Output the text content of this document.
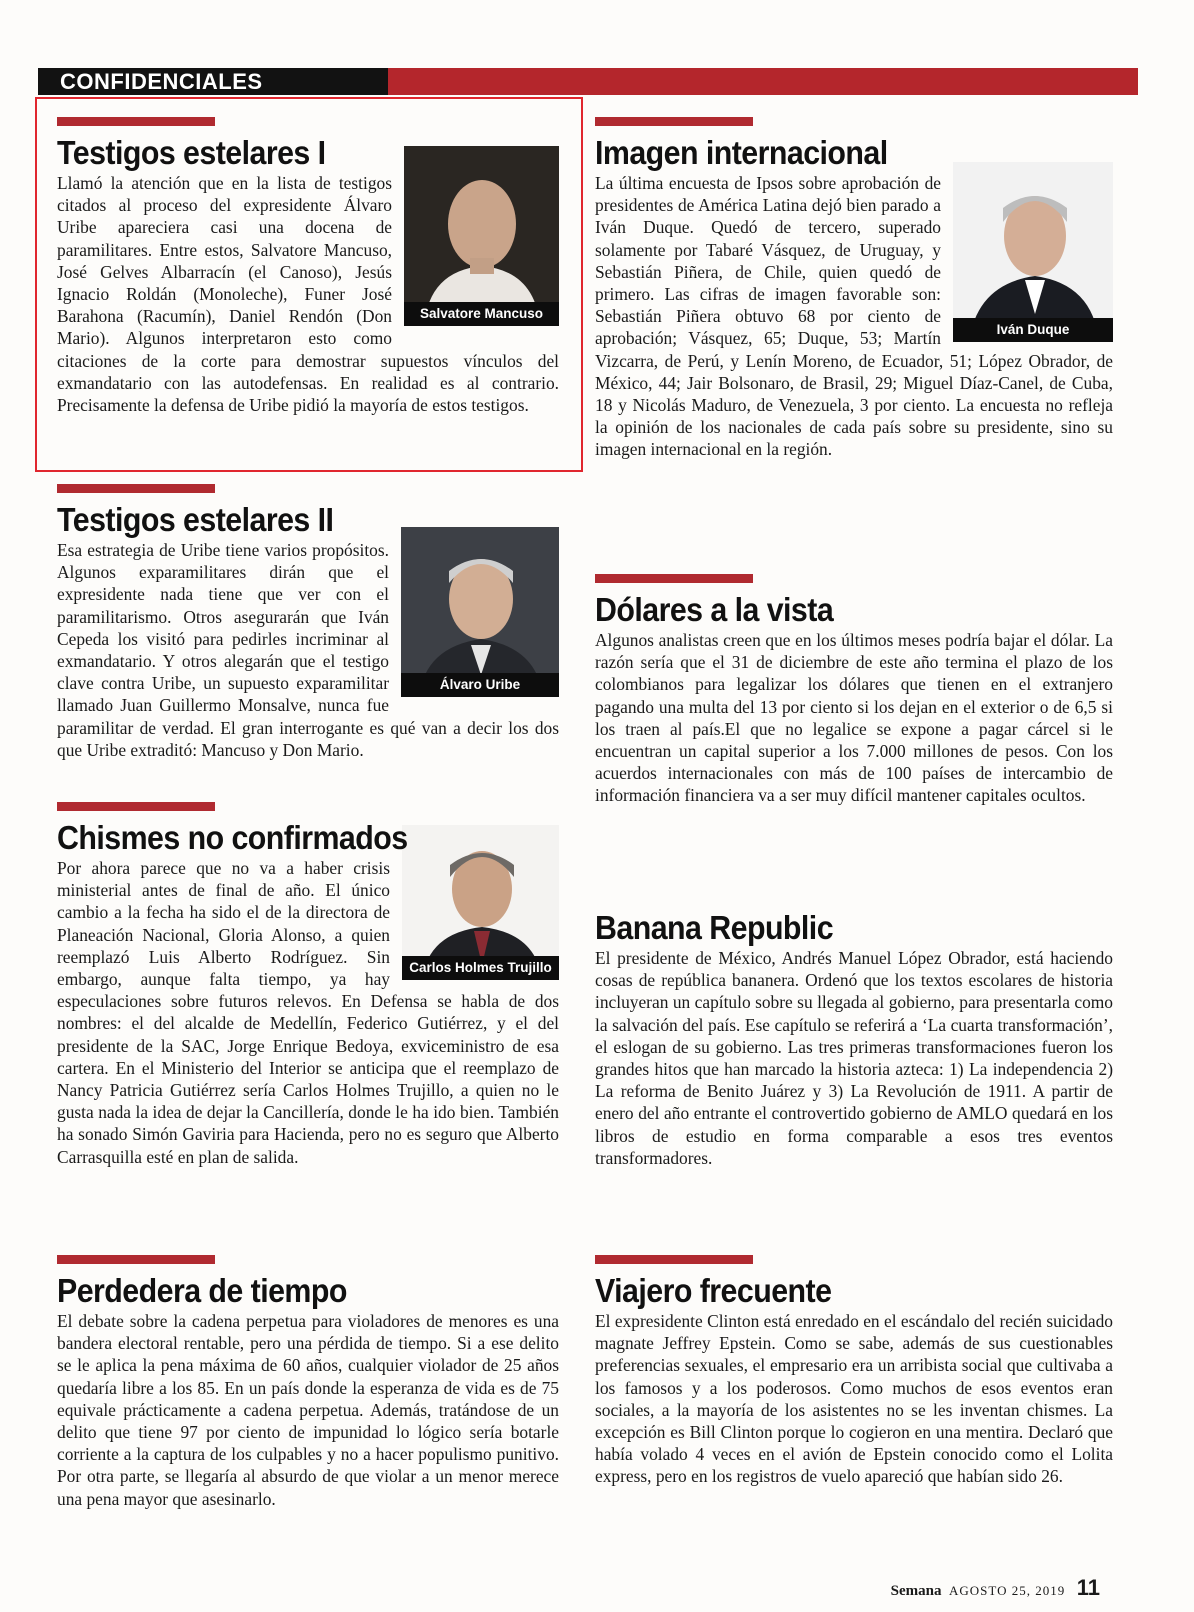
CONFIDENCIALES
Salvatore Mancuso
Testigos estelares I

Llamó la atención que en la lista de testigos citados al proceso del expresidente Álvaro Uribe apareciera casi una docena de paramilitares. Entre estos, Salvatore Mancuso, José Gelves Albarracín (el Canoso), Jesús Ignacio Roldán (Monoleche), Funer José Barahona (Racumín), Daniel Rendón (Don Mario). Algunos interpretaron esto como citaciones de la corte para demostrar supuestos vínculos del exmandatario con las autodefensas. En realidad es al contrario. Precisamente la defensa de Uribe pidió la mayoría de estos testigos.

Álvaro Uribe
Testigos estelares II

Esa estrategia de Uribe tiene varios propósitos. Algunos exparamilitares dirán que el expresidente nada tiene que ver con el paramilitarismo. Otros asegurarán que Iván Cepeda los visitó para pedirles incriminar al exmandatario. Y otros alegarán que el testigo clave contra Uribe, un supuesto exparamilitar llamado Juan Guillermo Monsalve, nunca fue paramilitar de verdad. El gran interrogante es qué van a decir los dos que Uribe extraditó: Mancuso y Don Mario.

Carlos Holmes Trujillo
Chismes no confirmados

Por ahora parece que no va a haber crisis ministerial antes de final de año. El único cambio a la fecha ha sido el de la directora de Planeación Nacional, Gloria Alonso, a quien reemplazó Luis Alberto Rodríguez. Sin embargo, aunque falta tiempo, ya hay especulaciones sobre futuros relevos. En Defensa se habla de dos nombres: el del alcalde de Medellín, Federico Gutiérrez, y el del presidente de la SAC, Jorge Enrique Bedoya, exviceministro de esa cartera. En el Ministerio del Interior se anticipa que el reemplazo de Nancy Patricia Gutiérrez sería Carlos Holmes Trujillo, a quien no le gusta nada la idea de dejar la Cancillería, donde le ha ido bien. También ha sonado Simón Gaviria para Hacienda, pero no es seguro que Alberto Carrasquilla esté en plan de salida.

Perdedera de tiempo

El debate sobre la cadena perpetua para violadores de menores es una bandera electoral rentable, pero una pérdida de tiempo. Si a ese delito se le aplica la pena máxima de 60 años, cualquier violador de 25 años quedaría libre a los 85. En un país donde la esperanza de vida es de 75 equivale prácticamente a cadena perpetua. Además, tratándose de un delito que tiene 97 por ciento de impunidad lo lógico sería botarle corriente a la captura de los culpables y no a hacer populismo punitivo. Por otra parte, se llegaría al absurdo de que violar a un menor merece una pena mayor que asesinarlo.

Iván Duque
Imagen internacional

La última encuesta de Ipsos sobre aprobación de presidentes de América Latina dejó bien parado a Iván Duque. Quedó de tercero, superado solamente por Tabaré Vásquez, de Uruguay, y Sebastián Piñera, de Chile, quien quedó de primero. Las cifras de imagen favorable son: Sebastián Piñera obtuvo 68 por ciento de aprobación; Vásquez, 65; Duque, 53; Martín Vizcarra, de Perú, y Lenín Moreno, de Ecuador, 51; López Obrador, de México, 44; Jair Bolsonaro, de Brasil, 29; Miguel Díaz-Canel, de Cuba, 18 y Nicolás Maduro, de Venezuela, 3 por ciento. La encuesta no refleja la opinión de los nacionales de cada país sobre su presidente, sino su imagen internacional en la región.

Dólares a la vista

Algunos analistas creen que en los últimos meses podría bajar el dólar. La razón sería que el 31 de diciembre de este año termina el plazo de los colombianos para legalizar los dólares que tienen en el extranjero pagando una multa del 13 por ciento si los dejan en el exterior o de 6,5 si los traen al país.El que no legalice se expone a pagar cárcel si le encuentran un capital superior a los 7.000 millones de pesos. Con los acuerdos internacionales con más de 100 países de intercambio de información financiera va a ser muy difícil mantener capitales ocultos.

Banana Republic

El presidente de México, Andrés Manuel López Obrador, está haciendo cosas de república bananera. Ordenó que los textos escolares de historia incluyeran un capítulo sobre su llegada al gobierno, para presentarla como la salvación del país. Ese capítulo se referirá a ‘La cuarta transformación’, el eslogan de su gobierno. Las tres primeras transformaciones fueron los grandes hitos que han marcado la historia azteca: 1) La independencia 2) La reforma de Benito Juárez y 3) La Revolución de 1911. A partir de enero del año entrante el controvertido gobierno de AMLO quedará en los libros de estudio en forma comparable a esos tres eventos transformadores.

Viajero frecuente

El expresidente Clinton está enredado en el escándalo del recién suicidado magnate Jeffrey Epstein. Como se sabe, además de sus cuestionables preferencias sexuales, el empresario era un arribista social que cultivaba a los famosos y a los poderosos. Como muchos de esos eventos eran sociales, a la mayoría de los asistentes no se les inventan chismes. La excepción es Bill Clinton porque lo cogieron en una mentira. Declaró que había volado 4 veces en el avión de Epstein conocido como el Lolita express, pero en los registros de vuelo apareció que habían sido 26.

Semana AGOSTO 25, 2019 11
